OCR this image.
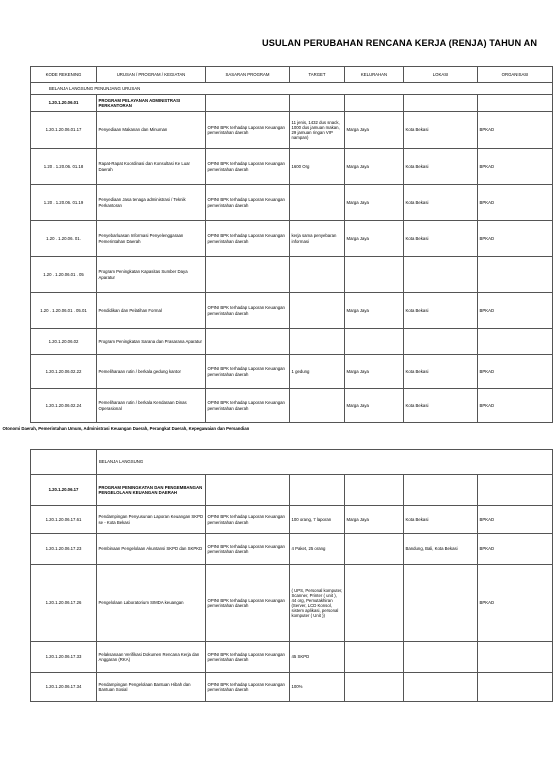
USULAN PERUBAHAN RENCANA KERJA (RENJA) TAHUN AN
KODE REKENING	URUSAN / PROGRAM / KEGIATAN	SASARAN PROGRAM	TARGET	KELURAHAN	LOKASI	ORGANISASI
BELANJA LANGSUNG PENUNJANG URUSAN						
1.20.1.20.06.01	PROGRAM PELAYANAN ADMINISTRASI PERKANTORAN					
1.20.1.20.06.01.17	Penyediaan Makanan dan Minuman	OPINI BPK terhadap Laporan Keuangan pemerintahan daerah	11 jenis, 1432 dus snack, 1000 dus jamuan makan, 29 jamuan ringan VIP nampan)	Marga Jaya	Kota Bekasi	BPKAD
1.20 . 1.20.06. 01.18	Rapat-Rapat Koordinasi dan Konsultasi Ke Luar Daerah	OPINI BPK terhadap Laporan Keuangan pemerintahan daerah	1600 Org	Marga Jaya	Kota Bekasi	BPKAD
1.20 . 1.20.06. 01.19	Penyediaan Jasa tenaga administrasi / Teknik Perkantoran	OPINI BPK terhadap Laporan Keuangan pemerintahan daerah		Marga Jaya	Kota Bekasi	BPKAD
1.20 . 1.20.06. 01.	Penyebarluasan Informasi Penyelenggaraan Pemerintahan Daerah	OPINI BPK terhadap Laporan Keuangan pemerintahan daerah	kerja sama penyebaran informasi	Marga Jaya	Kota Bekasi	BPKAD
1.20 . 1.20.06.01 . 05	Program Peningkatan Kapasitas Sumber Daya Aparatur					
1.20 . 1.20.06.01 . 05.01	Pendidikan dan Pelatihan Formal	OPINI BPK terhadap Laporan Keuangan pemerintahan daerah		Marga Jaya	Kota Bekasi	BPKAD
1.20.1.20.06.02	Program Peningkatan Sarana dan Prasarana Aparatur					
1.20.1.20.06.02.22	Pemeliharaan rutin / berkala gedung kantor	OPINI BPK terhadap Laporan Keuangan pemerintahan daerah	1 gedung	Marga Jaya	Kota Bekasi	BPKAD
1.20.1.20.06.02.24	Pemeliharaan rutin / berkala Kendaraan Dinas Operasional	OPINI BPK terhadap Laporan Keuangan pemerintahan daerah		Marga Jaya	Kota Bekasi	BPKAD

Otonomi Daerah, Pemerintahan Umum, Administrasi Keuangan Daerah, Perangkat Daerah, Kepegawaian dan Persandian						

	BELANJA LANGSUNG					
1.20.1.20.06.17	PROGRAM PENINGKATAN DAN PENGEMBANGAN PENGELOLAAN KEUANGAN DAERAH					
1.20.1.20.06.17.61	Pendampingan Penyusunan Laporan Keuangan SKPD se - Kota Bekasi	OPINI BPK terhadap Laporan Keuangan pemerintahan daerah	100 orang, 7 laporan	Marga Jaya	Kota Bekasi	BPKAD
1.20.1.20.06.17.23	Pembinaan Pengelolaan Akuntansi SKPD dan SKPKD	OPINI BPK terhadap Laporan Keuangan pemerintahan daerah	4 Paket, 25 orang		Bandung, Bali, Kota Bekasi	BPKAD
1.20.1.20.06.17.26	Pengelolaan Laboratorium SIMDA keuangan	OPINI BPK terhadap Laporan Keuangan pemerintahan daerah	( UPS, Personal komputer, Scanner, Printer ( unit ), 44 org, Pemutakhiran (Server, LCD Konsol, sistem aplikasi, personal komputer ( Unit ))			BPKAD
1.20.1.20.06.17.33	Pelaksanaan Verifikasi Dokumen Rencana Kerja dan Anggaran (RKA)	OPINI BPK terhadap Laporan Keuangan pemerintahan daerah	45 SKPD			
1.20.1.20.06.17.34	Pendampingan Pengelolaan Bantuan Hibah dan Bantuan Sosial	OPINI BPK terhadap Laporan Keuangan pemerintahan daerah	100%			
